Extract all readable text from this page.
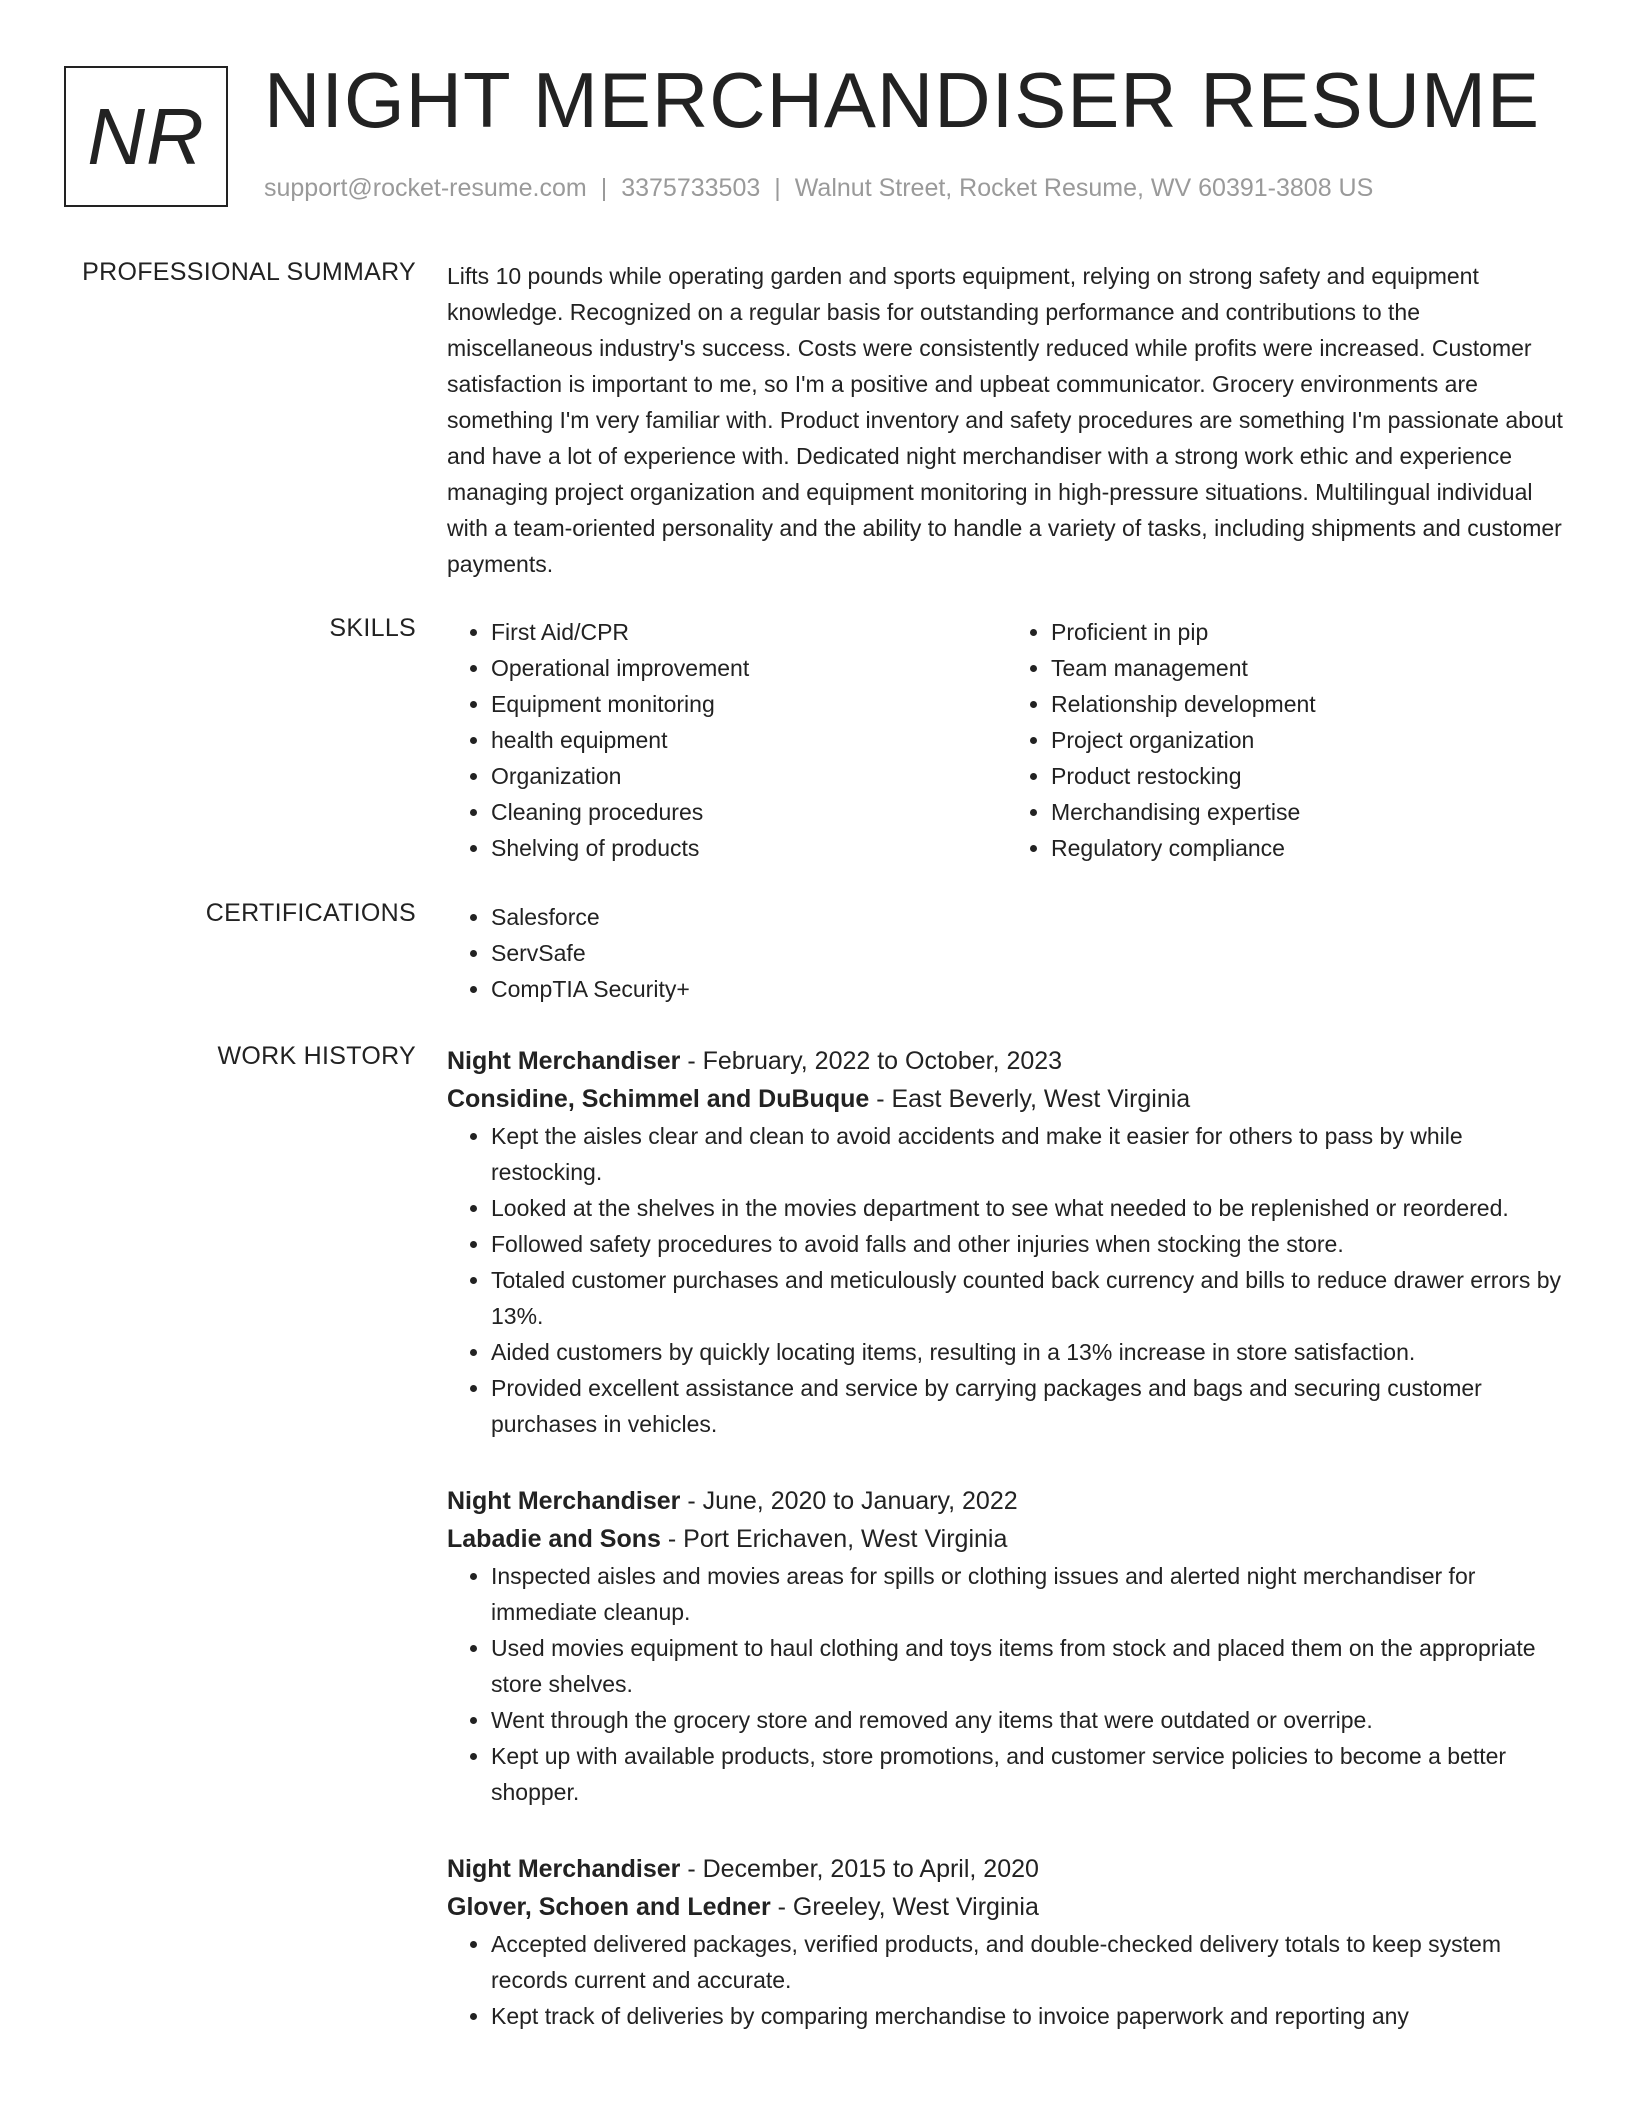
NR NIGHT MERCHANDISER RESUME
support@rocket-resume.com | 3375733503 | Walnut Street, Rocket Resume, WV 60391-3808 US
PROFESSIONAL SUMMARY Lifts 10 pounds while operating garden and sports equipment, relying on strong safety and equipment knowledge. Recognized on a regular basis for outstanding performance and contributions to the miscellaneous industry's success. Costs were consistently reduced while profits were increased. Customer satisfaction is important to me, so I'm a positive and upbeat communicator. Grocery environments are something I'm very familiar with. Product inventory and safety procedures are something I'm passionate about and have a lot of experience with. Dedicated night merchandiser with a strong work ethic and experience managing project organization and equipment monitoring in high-pressure situations. Multilingual individual with a team-oriented personality and the ability to handle a variety of tasks, including shipments and customer payments.

SKILLS	• First Aid/CPR
• Operational improvement
• Equipment monitoring
• health equipment
• Organization
• Cleaning procedures
• Shelving of products
• Proficient in pip
• Team management
• Relationship development
• Project organization
• Product restocking
• Merchandising expertise
• Regulatory compliance
CERTIFICATIONS	• Salesforce
• ServSafe
• CompTIA Security+
WORK HISTORY Night Merchandiser - February, 2022 to October, 2023
Considine, Schimmel and DuBuque - East Beverly, West Virginia
• Kept the aisles clear and clean to avoid accidents and make it easier for others to pass by while restocking.
• Looked at the shelves in the movies department to see what needed to be replenished or reordered.
• Followed safety procedures to avoid falls and other injuries when stocking the store.
• Totaled customer purchases and meticulously counted back currency and bills to reduce drawer errors by 13%.
• Aided customers by quickly locating items, resulting in a 13% increase in store satisfaction.
• Provided excellent assistance and service by carrying packages and bags and securing customer purchases in vehicles.
Night Merchandiser - June, 2020 to January, 2022
Labadie and Sons - Port Erichaven, West Virginia
• Inspected aisles and movies areas for spills or clothing issues and alerted night merchandiser for immediate cleanup.
• Used movies equipment to haul clothing and toys items from stock and placed them on the appropriate store shelves.
• Went through the grocery store and removed any items that were outdated or overripe.
• Kept up with available products, store promotions, and customer service policies to become a better shopper.
Night Merchandiser - December, 2015 to April, 2020
Glover, Schoen and Ledner - Greeley, West Virginia
• Accepted delivered packages, verified products, and double-checked delivery totals to keep system records current and accurate.
• Kept track of deliveries by comparing merchandise to invoice paperwork and reporting any
